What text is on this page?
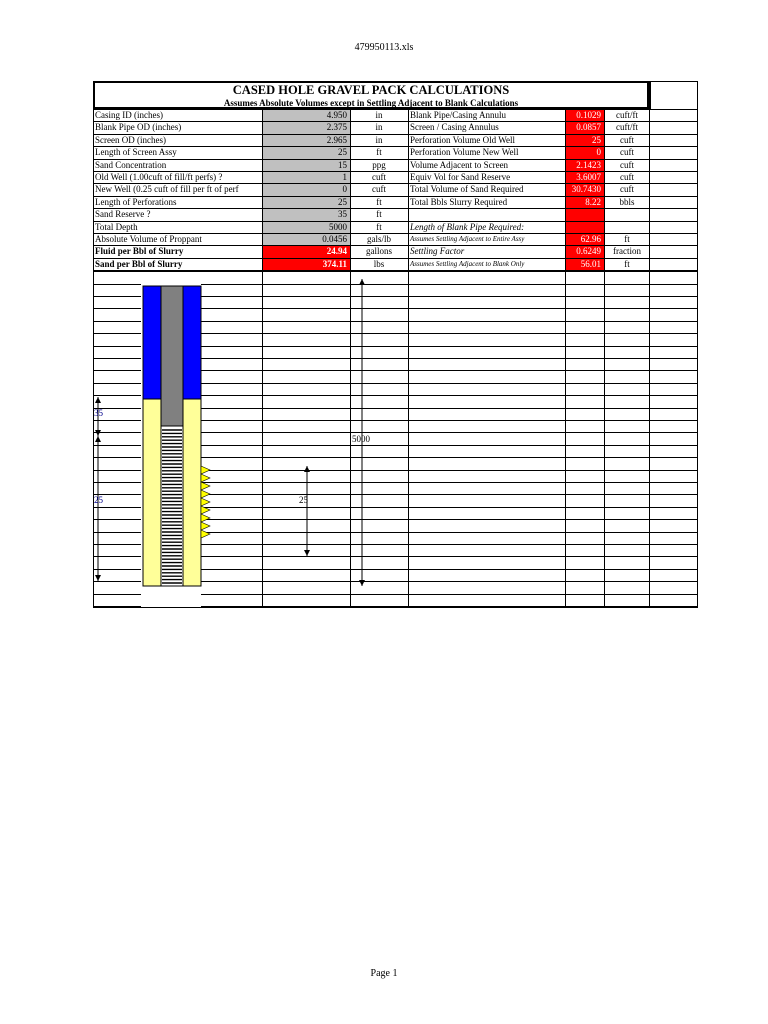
479950113.xls
CASED HOLE GRAVEL PACK CALCULATIONS
Assumes Absolute Volumes except in Settling Adjacent to Blank Calculations
Casing ID (inches)	4.950	in	Blank Pipe/Casing Annulu	0.1029	cuft/ft
Blank Pipe OD (inches)	2.375	in	Screen / Casing Annulus	0.0857	cuft/ft
Screen OD (inches)	2.965	in	Perforation Volume Old Well	25	cuft
Length of Screen Assy	25	ft	Perforation Volume New Well	0	cuft
Sand Concentration	15	ppg	Volume Adjacent to Screen	2.1423	cuft
Old Well (1.00cuft of fill/ft perfs) ?	1	cuft	Equiv Vol for Sand Reserve	3.6007	cuft
New Well (0.25 cuft of fill per ft of perf	0	cuft	Total Volume of Sand Required	30.7430	cuft
Length of Perforations	25	ft	Total Bbls Slurry Required	8.22	bbls
Sand Reserve ?	35	ft
Total Depth	5000	ft	Length of Blank Pipe Required:
Absolute Volume of Proppant	0.0456	gals/lb	Assumes Settling Adjacent to Entire Assy	62.96	ft
Fluid per Bbl of Slurry	24.94	gallons	Settling Factor	0.6249	fraction
Sand per Bbl of Slurry	374.11	lbs	Assumes Settling Adjacent to Blank Only	56.01	ft
35
25	25
5000
Page 1
